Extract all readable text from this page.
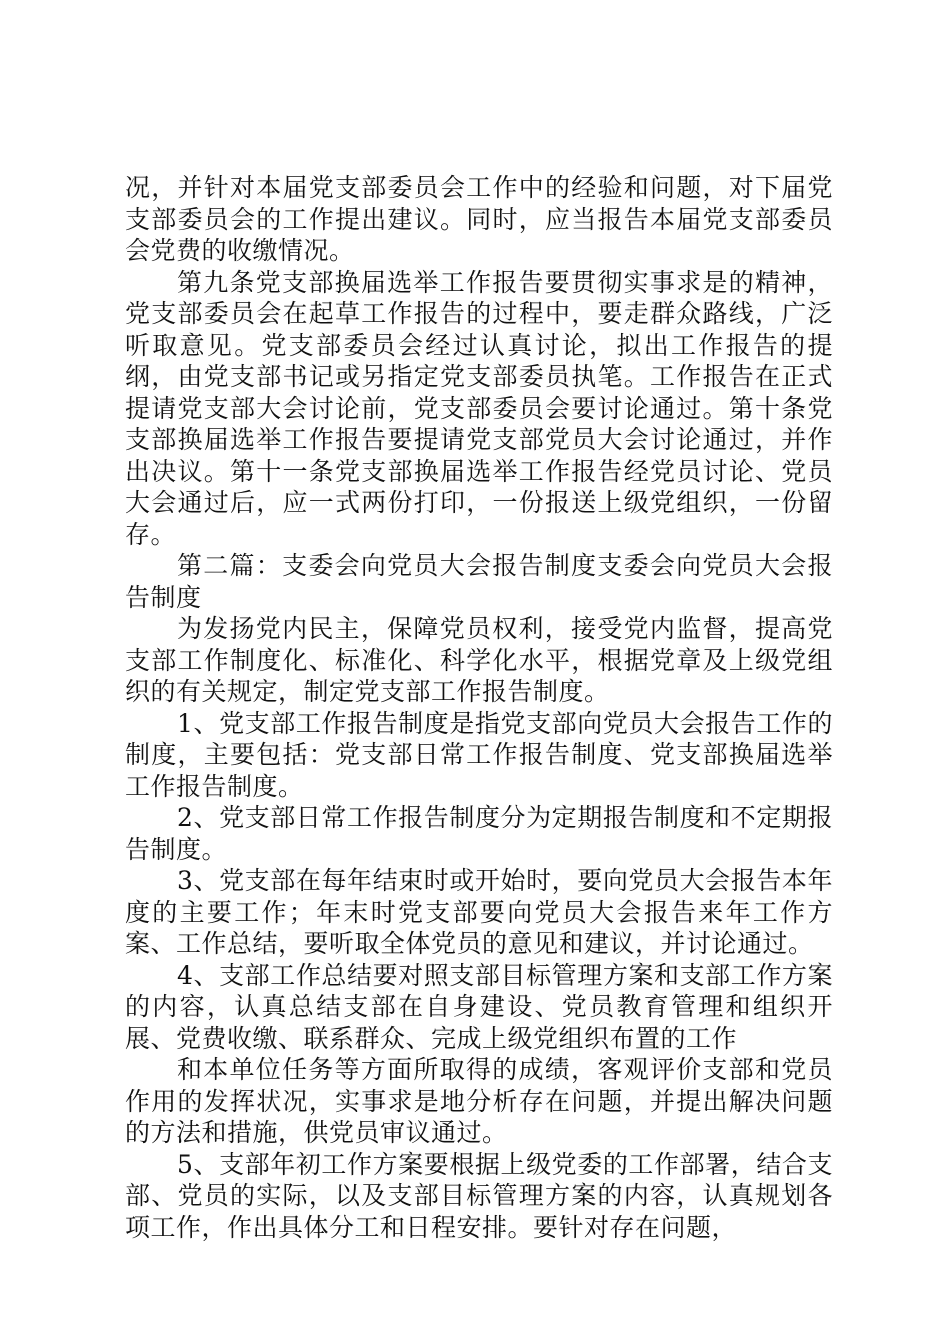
况，并针对本届党支部委员会工作中的经验和问题，对下届党支部委员会的工作提出建议。同时，应当报告本届党支部委员会党费的收缴情况。

第九条党支部换届选举工作报告要贯彻实事求是的精神，党支部委员会在起草工作报告的过程中，要走群众路线，广泛听取意见。党支部委员会经过认真讨论，拟出工作报告的提纲，由党支部书记或另指定党支部委员执笔。工作报告在正式提请党支部大会讨论前，党支部委员会要讨论通过。第十条党支部换届选举工作报告要提请党支部党员大会讨论通过，并作出决议。第十一条党支部换届选举工作报告经党员讨论、党员大会通过后，应一式两份打印，一份报送上级党组织，一份留存。

第二篇：支委会向党员大会报告制度支委会向党员大会报告制度

为发扬党内民主，保障党员权利，接受党内监督，提高党支部工作制度化、标准化、科学化水平，根据党章及上级党组织的有关规定，制定党支部工作报告制度。

1、党支部工作报告制度是指党支部向党员大会报告工作的制度，主要包括：党支部日常工作报告制度、党支部换届选举工作报告制度。

2、党支部日常工作报告制度分为定期报告制度和不定期报告制度。

3、党支部在每年结束时或开始时，要向党员大会报告本年度的主要工作；年末时党支部要向党员大会报告来年工作方案、工作总结，要听取全体党员的意见和建议，并讨论通过。

4、支部工作总结要对照支部目标管理方案和支部工作方案的内容，认真总结支部在自身建设、党员教育管理和组织开展、党费收缴、联系群众、完成上级党组织布置的工作

和本单位任务等方面所取得的成绩，客观评价支部和党员作用的发挥状况，实事求是地分析存在问题，并提出解决问题的方法和措施，供党员审议通过。

5、支部年初工作方案要根据上级党委的工作部署，结合支部、党员的实际，以及支部目标管理方案的内容，认真规划各项工作，作出具体分工和日程安排。要针对存在问题，
